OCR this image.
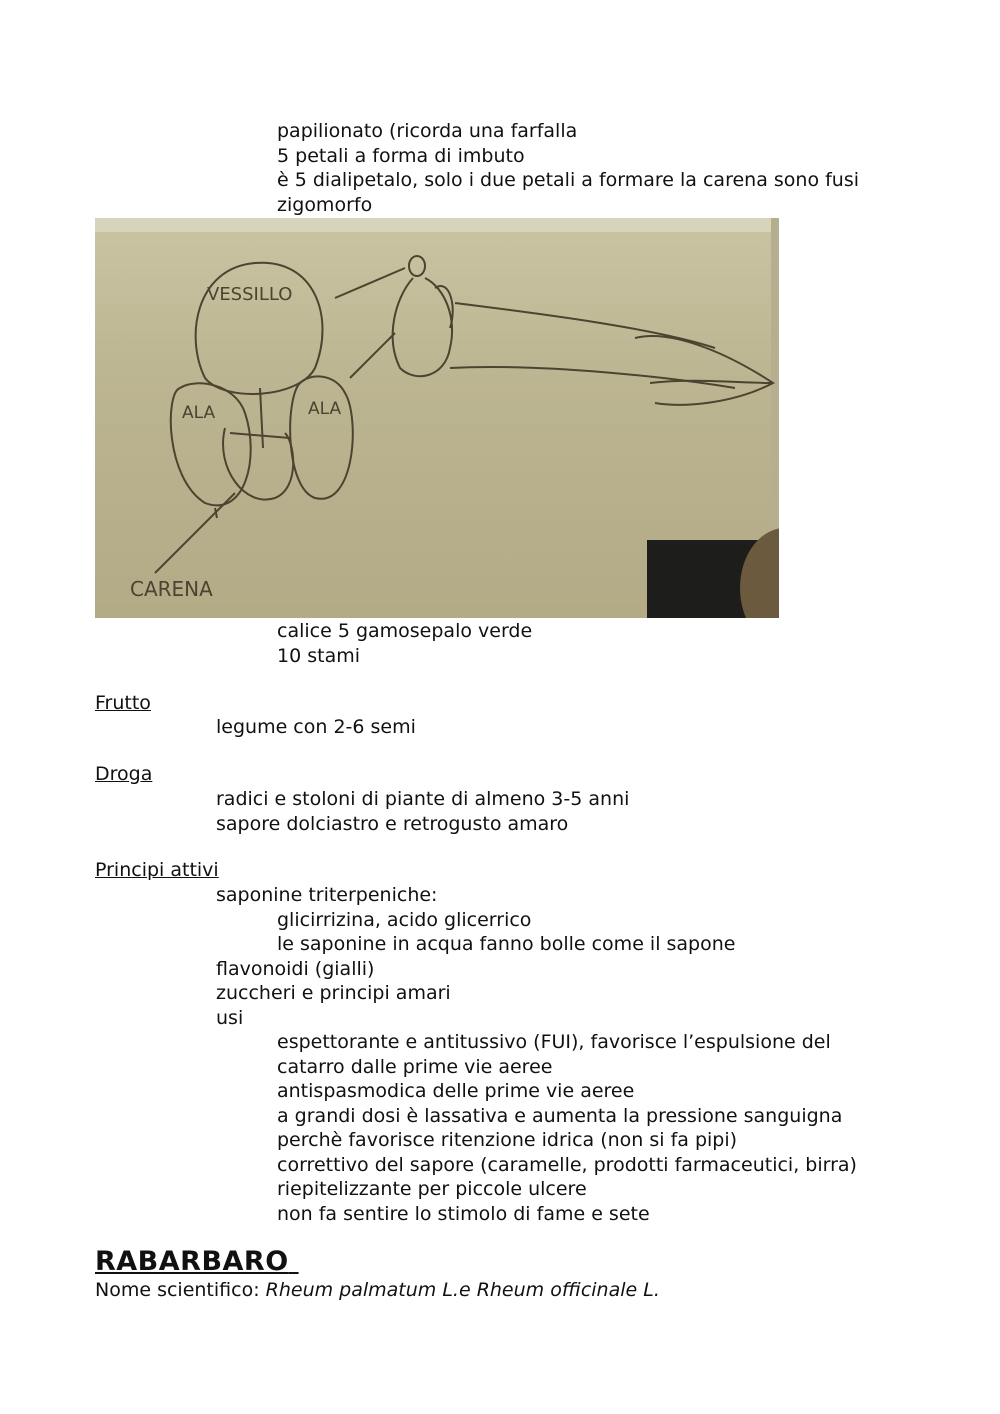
papilionato (ricorda una farfalla
5 petali a forma di imbuto
è 5 dialipetalo, solo i due petali a formare la carena sono fusi
zigomorfo
VESSILLO
ALA	ALA
CARENA
calice 5 gamosepalo verde
10 stami
Frutto
legume con 2-6 semi
Droga
radici e stoloni di piante di almeno 3-5 anni
sapore dolciastro e retrogusto amaro
Principi attivi
saponine triterpeniche:
glicirrizina, acido glicerrico
le saponine in acqua fanno bolle come il sapone
flavonoidi (gialli)
zuccheri e principi amari
usi
espettorante e antitussivo (FUI), favorisce l’espulsione del
catarro dalle prime vie aeree
antispasmodica delle prime vie aeree
a grandi dosi è lassativa e aumenta la pressione sanguigna
perchè favorisce ritenzione idrica (non si fa pipi)
correttivo del sapore (caramelle, prodotti farmaceutici, birra)
riepitelizzante per piccole ulcere
non fa sentire lo stimolo di fame e sete
RABARBARO
Nome scientifico: Rheum palmatum L.e Rheum officinale L.
